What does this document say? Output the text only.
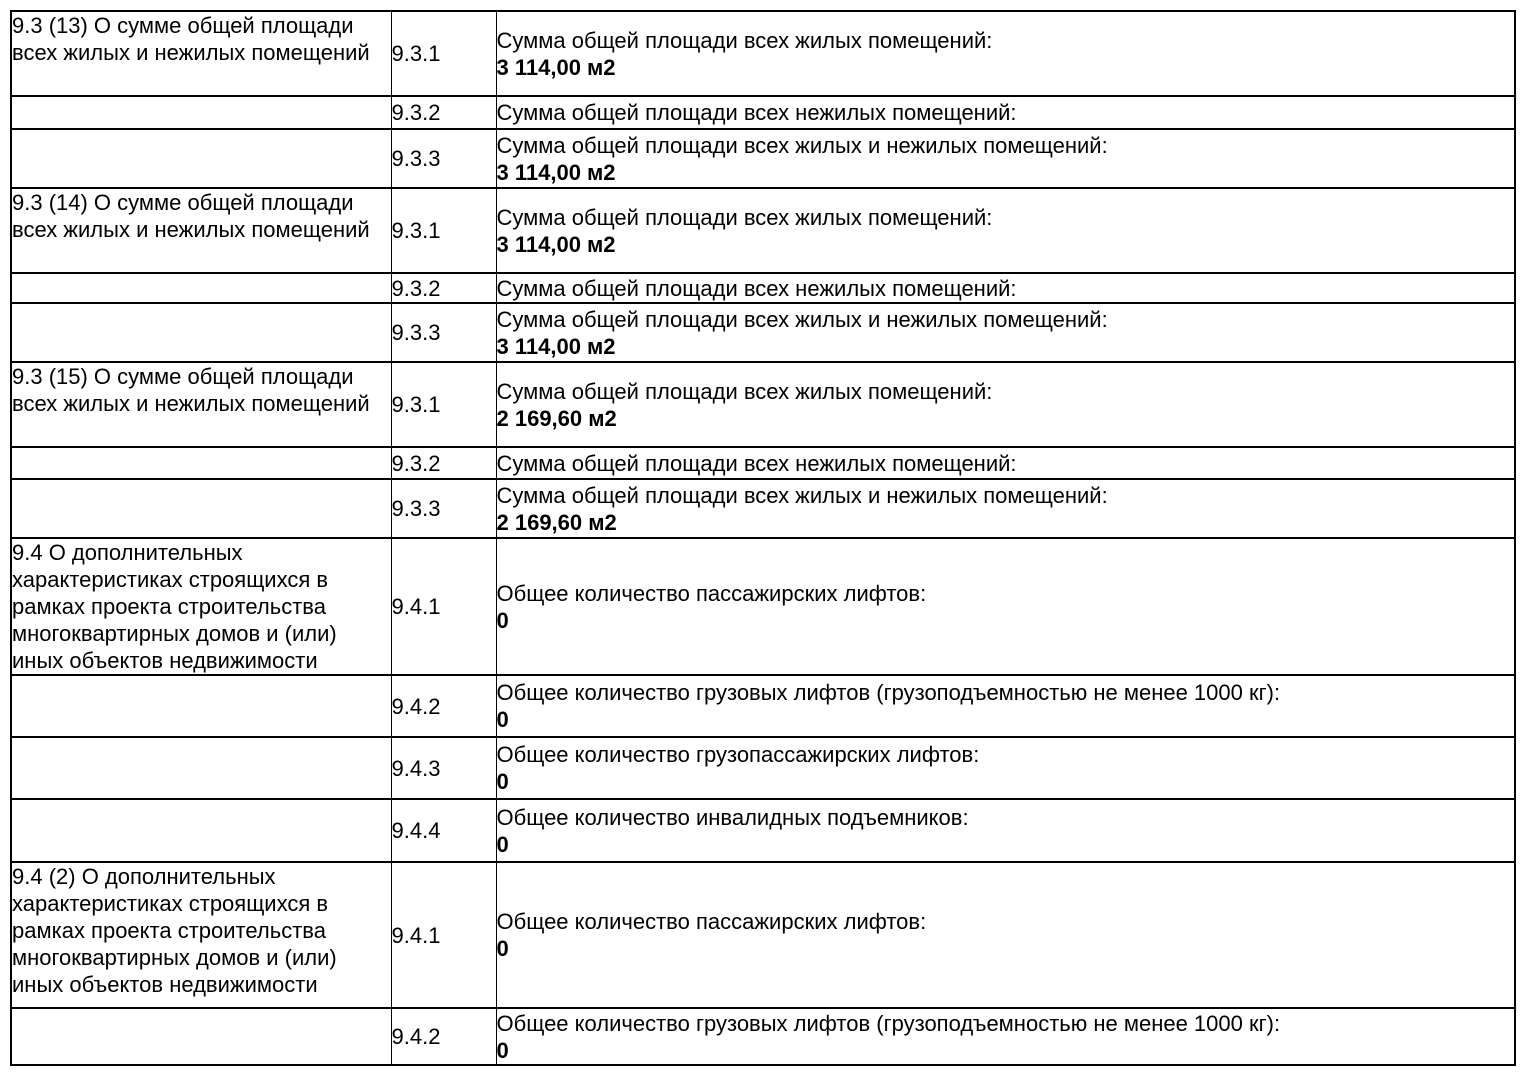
9.3 (13) О сумме общей площади всех жилых и нежилых помещений	9.3.1	Сумма общей площади всех жилых помещений:
3 114,00 м2

	9.3.2	Сумма общей площади всех нежилых помещений:

	9.3.3	Сумма общей площади всех жилых и нежилых помещений:
3 114,00 м2

9.3 (14) О сумме общей площади всех жилых и нежилых помещений	9.3.1	Сумма общей площади всех жилых помещений:
3 114,00 м2

	9.3.2	Сумма общей площади всех нежилых помещений:

	9.3.3	Сумма общей площади всех жилых и нежилых помещений:
3 114,00 м2

9.3 (15) О сумме общей площади всех жилых и нежилых помещений	9.3.1	Сумма общей площади всех жилых помещений:
2 169,60 м2

	9.3.2	Сумма общей площади всех нежилых помещений:

	9.3.3	Сумма общей площади всех жилых и нежилых помещений:
2 169,60 м2

9.4 О дополнительных характеристиках строящихся в рамках проекта строительства многоквартирных домов и (или) иных объектов недвижимости	9.4.1	Общее количество пассажирских лифтов:
0

	9.4.2	Общее количество грузовых лифтов (грузоподъемностью не менее 1000 кг):
0

	9.4.3	Общее количество грузопассажирских лифтов:
0

	9.4.4	Общее количество инвалидных подъемников:
0

9.4 (2) О дополнительных характеристиках строящихся в рамках проекта строительства многоквартирных домов и (или) иных объектов недвижимости	9.4.1	Общее количество пассажирских лифтов:
0

	9.4.2	Общее количество грузовых лифтов (грузоподъемностью не менее 1000 кг):
0
